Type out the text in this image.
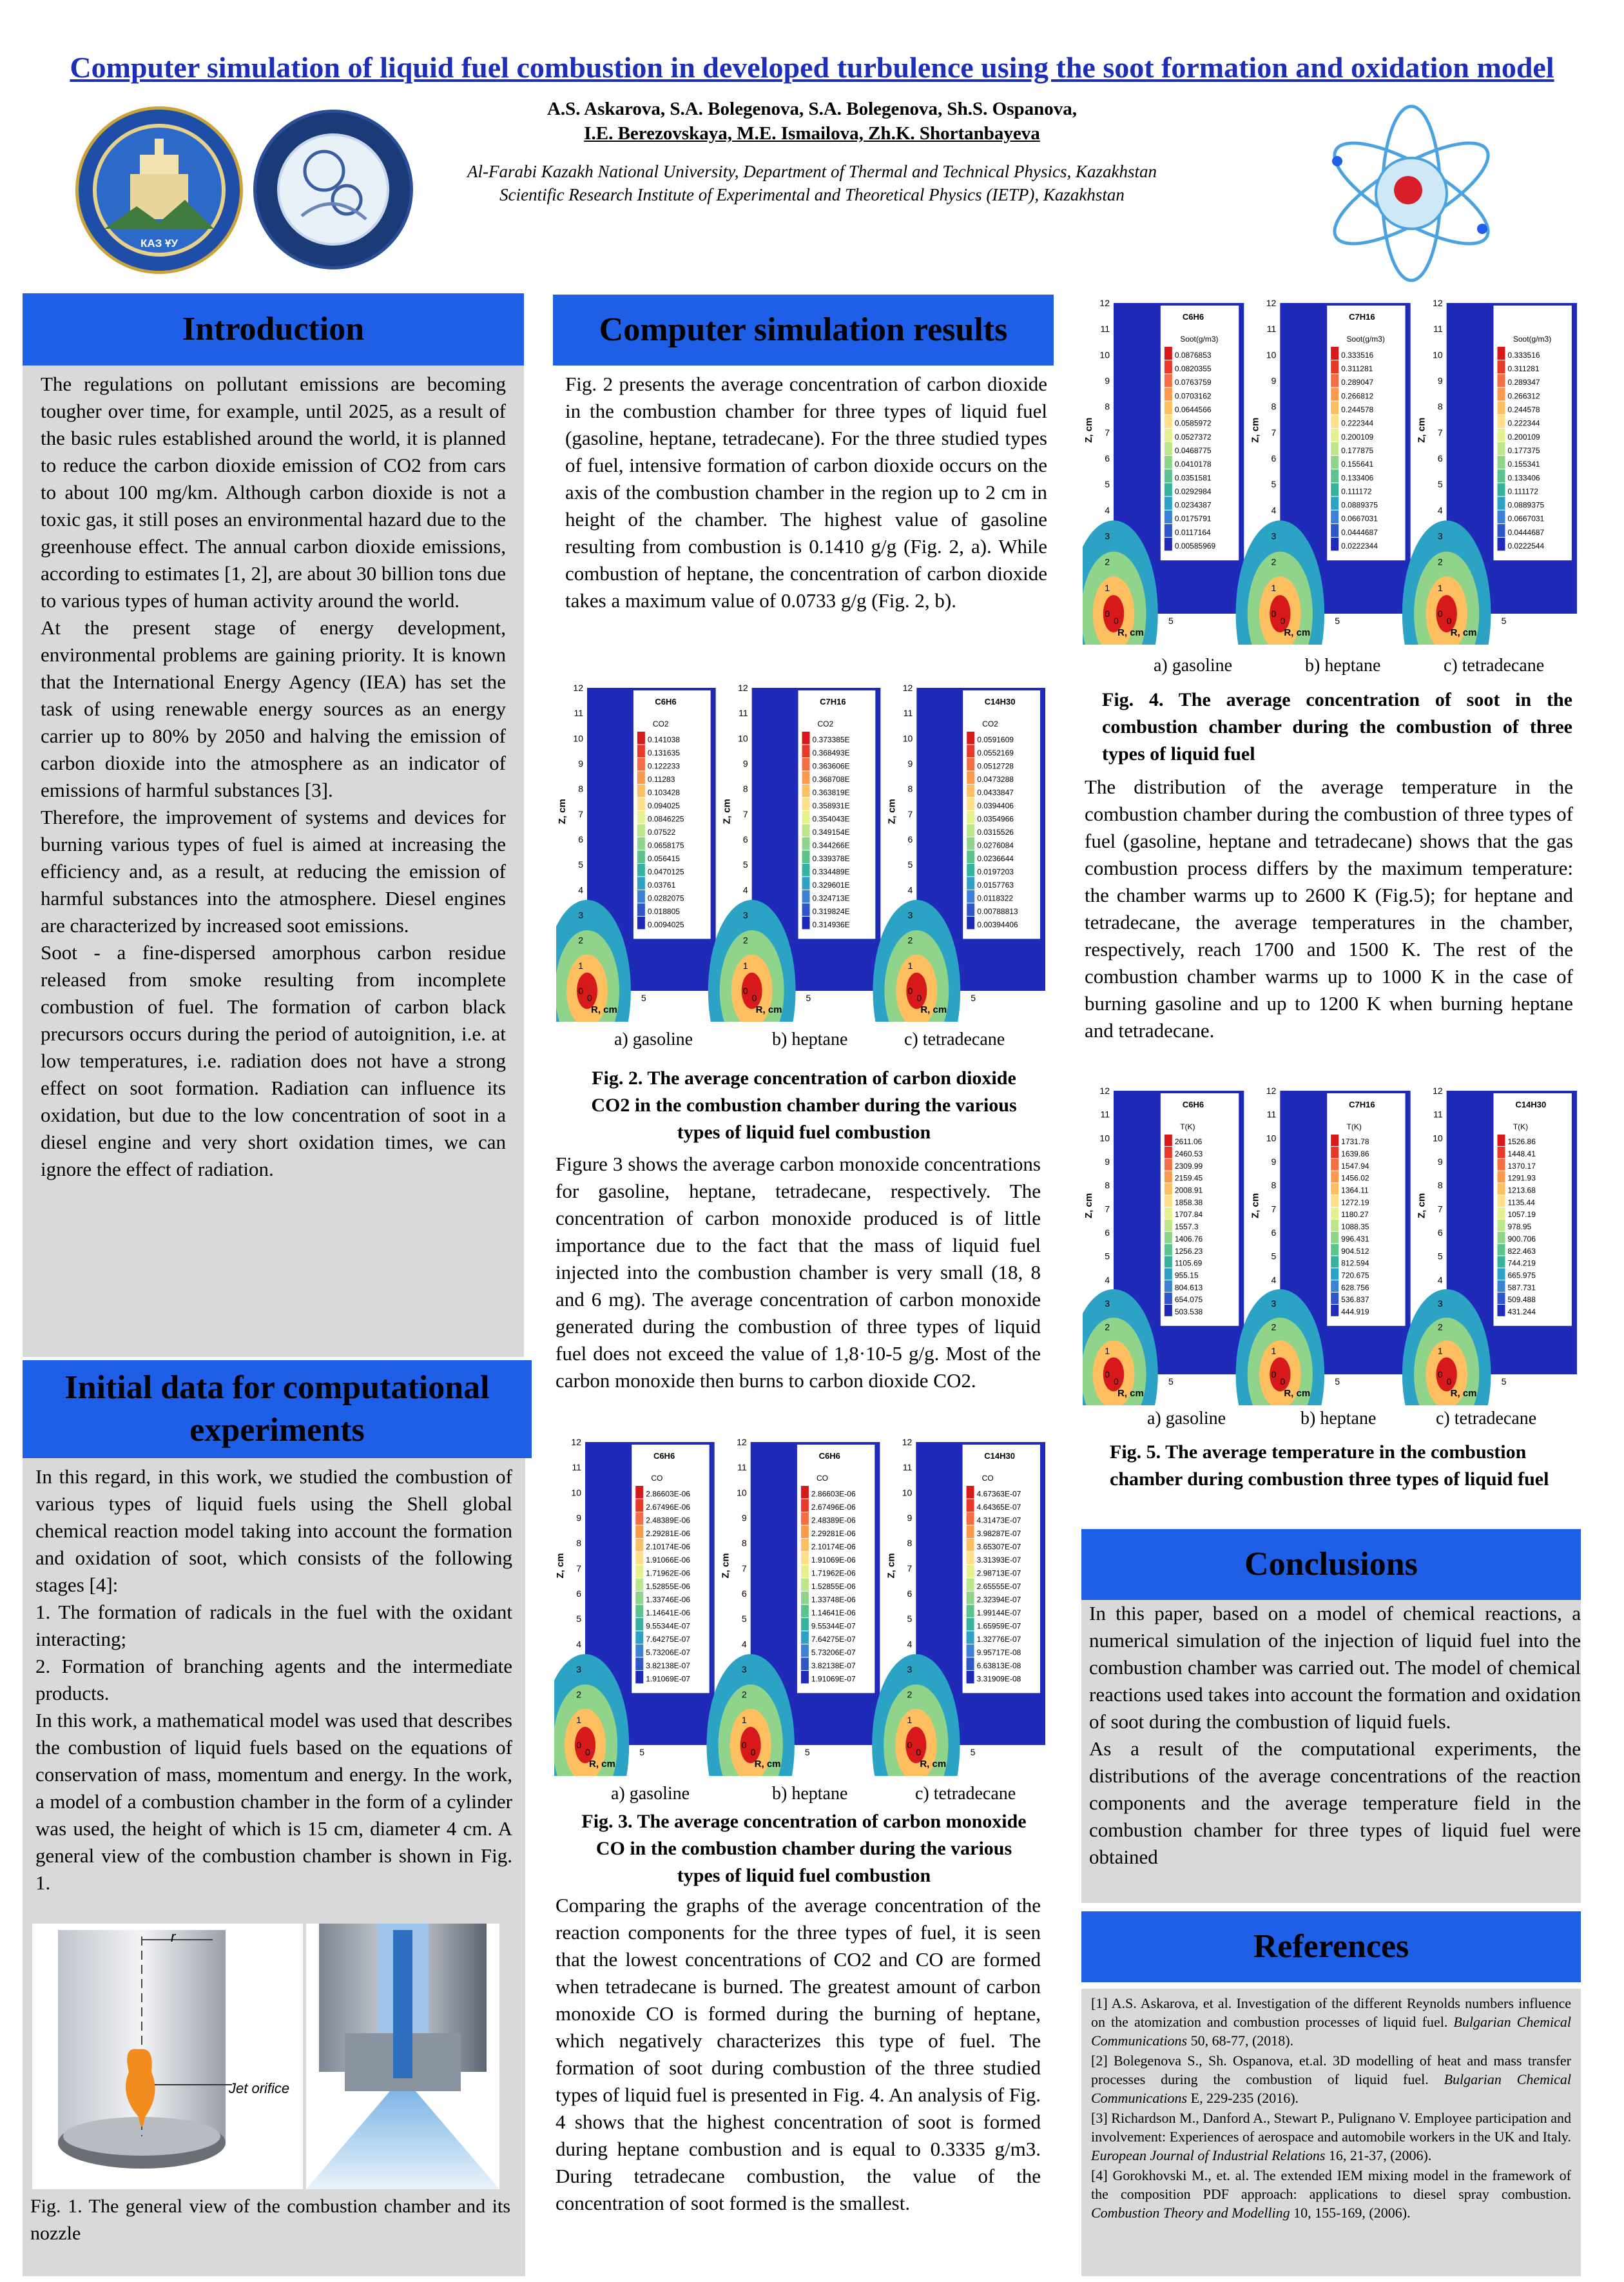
Computer simulation of liquid fuel combustion in developed turbulence using the soot formation and oxidation model
КАЗ ҰУ
A.S. Askarova, S.A. Bolegenova, S.A. Bolegenova, Sh.S. Ospanova,
I.E. Berezovskaya, M.E. Ismailova, Zh.K. Shortanbayeva
Al-Farabi Kazakh National University, Department of Thermal and Technical Physics, Kazakhstan
Scientific Research Institute of Experimental and Theoretical Physics (IETP), Kazakhstan
Introduction

The regulations on pollutant emissions are becoming tougher over time, for example, until 2025, as a result of the basic rules established around the world, it is planned to reduce the carbon dioxide emission of CO2 from cars to about 100 mg/km. Although carbon dioxide is not a toxic gas, it still poses an environmental hazard due to the greenhouse effect. The annual carbon dioxide emissions, according to estimates [1, 2], are about 30 billion tons due to various types of human activity around the world.

At the present stage of energy development, environmental problems are gaining priority. It is known that the International Energy Agency (IEA) has set the task of using renewable energy sources as an energy carrier up to 80% by 2050 and halving the emission of carbon dioxide into the atmosphere as an indicator of emissions of harmful substances [3].

Therefore, the improvement of systems and devices for burning various types of fuel is aimed at increasing the efficiency and, as a result, at reducing the emission of harmful substances into the atmosphere. Diesel engines are characterized by increased soot emissions.

Soot - a fine-dispersed amorphous carbon residue released from smoke resulting from incomplete combustion of fuel. The formation of carbon black precursors occurs during the period of autoignition, i.e. at low temperatures, i.e. radiation does not have a strong effect on soot formation. Radiation can influence its oxidation, but due to the low concentration of soot in a diesel engine and very short oxidation times, we can ignore the effect of radiation.

Initial data for computational
experiments

In this regard, in this work, we studied the combustion of various types of liquid fuels using the Shell global chemical reaction model taking into account the formation and oxidation of soot, which consists of the following stages [4]:

1. The formation of radicals in the fuel with the oxidant interacting;

2. Formation of branching agents and the intermediate products.

In this work, a mathematical model was used that describes the combustion of liquid fuels based on the equations of conservation of mass, momentum and energy. In the work, a model of a combustion chamber in the form of a cylinder was used, the height of which is 15 cm, diameter 4 cm. A general view of the combustion chamber is shown in Fig. 1.

r
Jet orifice
Fig. 1. The general view of the combustion chamber and its nozzle
Computer simulation results
Fig. 2 presents the average concentration of carbon dioxide in the combustion chamber for three types of liquid fuel (gasoline, heptane, tetradecane). For the three studied types of fuel, intensive formation of carbon dioxide occurs on the axis of the combustion chamber in the region up to 2 cm in height of the chamber. The highest value of gasoline resulting from combustion is 0.1410 g/g (Fig. 2, a). While combustion of heptane, the concentration of carbon dioxide takes a maximum value of 0.0733 g/g (Fig. 2, b).
C6H6
CO2
0.141038
0.131635
0.122233
0.11283
0.103428
0.094025
0.0846225
0.07522
0.0658175
0.056415
0.0470125
0.03761
0.0282075
0.018805
0.0094025
0
1
2
3
4
5
6
7
8
9
10
11
12
Z, cm
0	5
R, cm
C7H16
CO2
0.373385E
0.368493E
0.363606E
0.368708E
0.363819E
0.358931E
0.354043E
0.349154E
0.344266E
0.339378E
0.334489E
0.329601E
0.324713E
0.319824E
0.314936E
0
1
2
3
4
5
6
7
8
9
10
11
12
Z, cm
0	5
R, cm
C14H30
CO2
0.0591609
0.0552169
0.0512728
0.0473288
0.0433847
0.0394406
0.0354966
0.0315526
0.0276084
0.0236644
0.0197203
0.0157763
0.0118322
0.00788813
0.00394406
0
1
2
3
4
5
6
7
8
9
10
11
12
Z, cm
0	5
R, cm
a) gasoline	b) heptane	c) tetradecane
Fig. 2. The average concentration of carbon dioxide CO2 in the combustion chamber during the various types of liquid fuel combustion
Figure 3 shows the average carbon monoxide concentrations for gasoline, heptane, tetradecane, respectively. The concentration of carbon monoxide produced is of little importance due to the fact that the mass of liquid fuel injected into the combustion chamber is very small (18, 8 and 6 mg). The average concentration of carbon monoxide generated during the combustion of three types of liquid fuel does not exceed the value of 1,8·10-5 g/g. Most of the carbon monoxide then burns to carbon dioxide CO2.
C6H6
CO
2.86603E-06
2.67496E-06
2.48389E-06
2.29281E-06
2.10174E-06
1.91066E-06
1.71962E-06
1.52855E-06
1.33746E-06
1.14641E-06
9.55344E-07
7.64275E-07
5.73206E-07
3.82138E-07
1.91069E-07
0
1
2
3
4
5
6
7
8
9
10
11
12
Z, cm
0	5
R, cm
C6H6
CO
2.86603E-06
2.67496E-06
2.48389E-06
2.29281E-06
2.10174E-06
1.91069E-06
1.71962E-06
1.52855E-06
1.33748E-06
1.14641E-06
9.55344E-07
7.64275E-07
5.73206E-07
3.82138E-07
1.91069E-07
0
1
2
3
4
5
6
7
8
9
10
11
12
Z, cm
0	5
R, cm
C14H30
CO
4.67363E-07
4.64365E-07
4.31473E-07
3.98287E-07
3.65307E-07
3.31393E-07
2.98713E-07
2.65555E-07
2.32394E-07
1.99144E-07
1.65959E-07
1.32776E-07
9.95717E-08
6.63813E-08
3.31909E-08
0
1
2
3
4
5
6
7
8
9
10
11
12
Z, cm
0	5
R, cm
a) gasoline	b) heptane	c) tetradecane
Fig. 3. The average concentration of carbon monoxide CO in the combustion chamber during the various types of liquid fuel combustion
Comparing the graphs of the average concentration of the reaction components for the three types of fuel, it is seen that the lowest concentrations of CO2 and CO are formed when tetradecane is burned. The greatest amount of carbon monoxide CO is formed during the burning of heptane, which negatively characterizes this type of fuel. The formation of soot during combustion of the three studied types of liquid fuel is presented in Fig. 4. An analysis of Fig. 4 shows that the highest concentration of soot is formed during heptane combustion and is equal to 0.3335 g/m3. During tetradecane combustion, the value of the concentration of soot formed is the smallest.
C6H6
Soot(g/m3)
0.0876853
0.0820355
0.0763759
0.0703162
0.0644566
0.0585972
0.0527372
0.0468775
0.0410178
0.0351581
0.0292984
0.0234387
0.0175791
0.0117164
0.00585969
0
1
2
3
4
5
6
7
8
9
10
11
12
Z, cm
0	5
R, cm
C7H16
Soot(g/m3)
0.333516
0.311281
0.289047
0.266812
0.244578
0.222344
0.200109
0.177875
0.155641
0.133406
0.111172
0.0889375
0.0667031
0.0444687
0.0222344
0
1
2
3
4
5
6
7
8
9
10
11
12
Z, cm
0	5
R, cm
Soot(g/m3)
0.333516
0.311281
0.289347
0.266312
0.244578
0.222344
0.200109
0.177375
0.155341
0.133406
0.111172
0.0889375
0.0667031
0.0444687
0.0222544
0
1
2
3
4
5
6
7
8
9
10
11
12
Z, cm
0	5
R, cm
a) gasoline	b) heptane	c) tetradecane
Fig. 4. The average concentration of soot in the combustion chamber during the combustion of three types of liquid fuel
The distribution of the average temperature in the combustion chamber during the combustion of three types of fuel (gasoline, heptane and tetradecane) shows that the gas combustion process differs by the maximum temperature: the chamber warms up to 2600 K (Fig.5); for heptane and tetradecane, the average temperatures in the chamber, respectively, reach 1700 and 1500 K. The rest of the combustion chamber warms up to 1000 K in the case of burning gasoline and up to 1200 K when burning heptane and tetradecane.
C6H6
T(K)
2611.06
2460.53
2309.99
2159.45
2008.91
1858.38
1707.84
1557.3
1406.76
1256.23
1105.69
955.15
804.613
654.075
503.538
0
1
2
3
4
5
6
7
8
9
10
11
12
Z, cm
0	5
R, cm
C7H16
T(K)
1731.78
1639.86
1547.94
1456.02
1364.11
1272.19
1180.27
1088.35
996.431
904.512
812.594
720.675
628.756
536.837
444.919
0
1
2
3
4
5
6
7
8
9
10
11
12
Z, cm
0	5
R, cm
C14H30
T(K)
1526.86
1448.41
1370.17
1291.93
1213.68
1135.44
1057.19
978.95
900.706
822.463
744.219
665.975
587.731
509.488
431.244
0
1
2
3
4
5
6
7
8
9
10
11
12
Z, cm
0	5
R, cm
a) gasoline	b) heptane	c) tetradecane
Fig. 5. The average temperature in the combustion chamber during combustion three types of liquid fuel
Conclusions

In this paper, based on a model of chemical reactions, a numerical simulation of the injection of liquid fuel into the combustion chamber was carried out. The model of chemical reactions used takes into account the formation and oxidation of soot during the combustion of liquid fuels.

As a result of the computational experiments, the distributions of the average concentrations of the reaction components and the average temperature field in the combustion chamber for three types of liquid fuel were obtained

References

[1] A.S. Askarova, et al. Investigation of the different Reynolds numbers influence on the atomization and combustion processes of liquid fuel. Bulgarian Chemical Communications 50, 68-77, (2018).

[2] Bolegenova S., Sh. Ospanova, et.al. 3D modelling of heat and mass transfer processes during the combustion of liquid fuel. Bulgarian Chemical Communications E, 229-235 (2016).

[3] Richardson M., Danford A., Stewart P., Pulignano V. Employee participation and involvement: Experiences of aerospace and automobile workers in the UK and Italy. European Journal of Industrial Relations 16, 21-37, (2006).

[4] Gorokhovski M., et. al. The extended IEM mixing model in the framework of the composition PDF approach: applications to diesel spray combustion. Combustion Theory and Modelling 10, 155-169, (2006).
